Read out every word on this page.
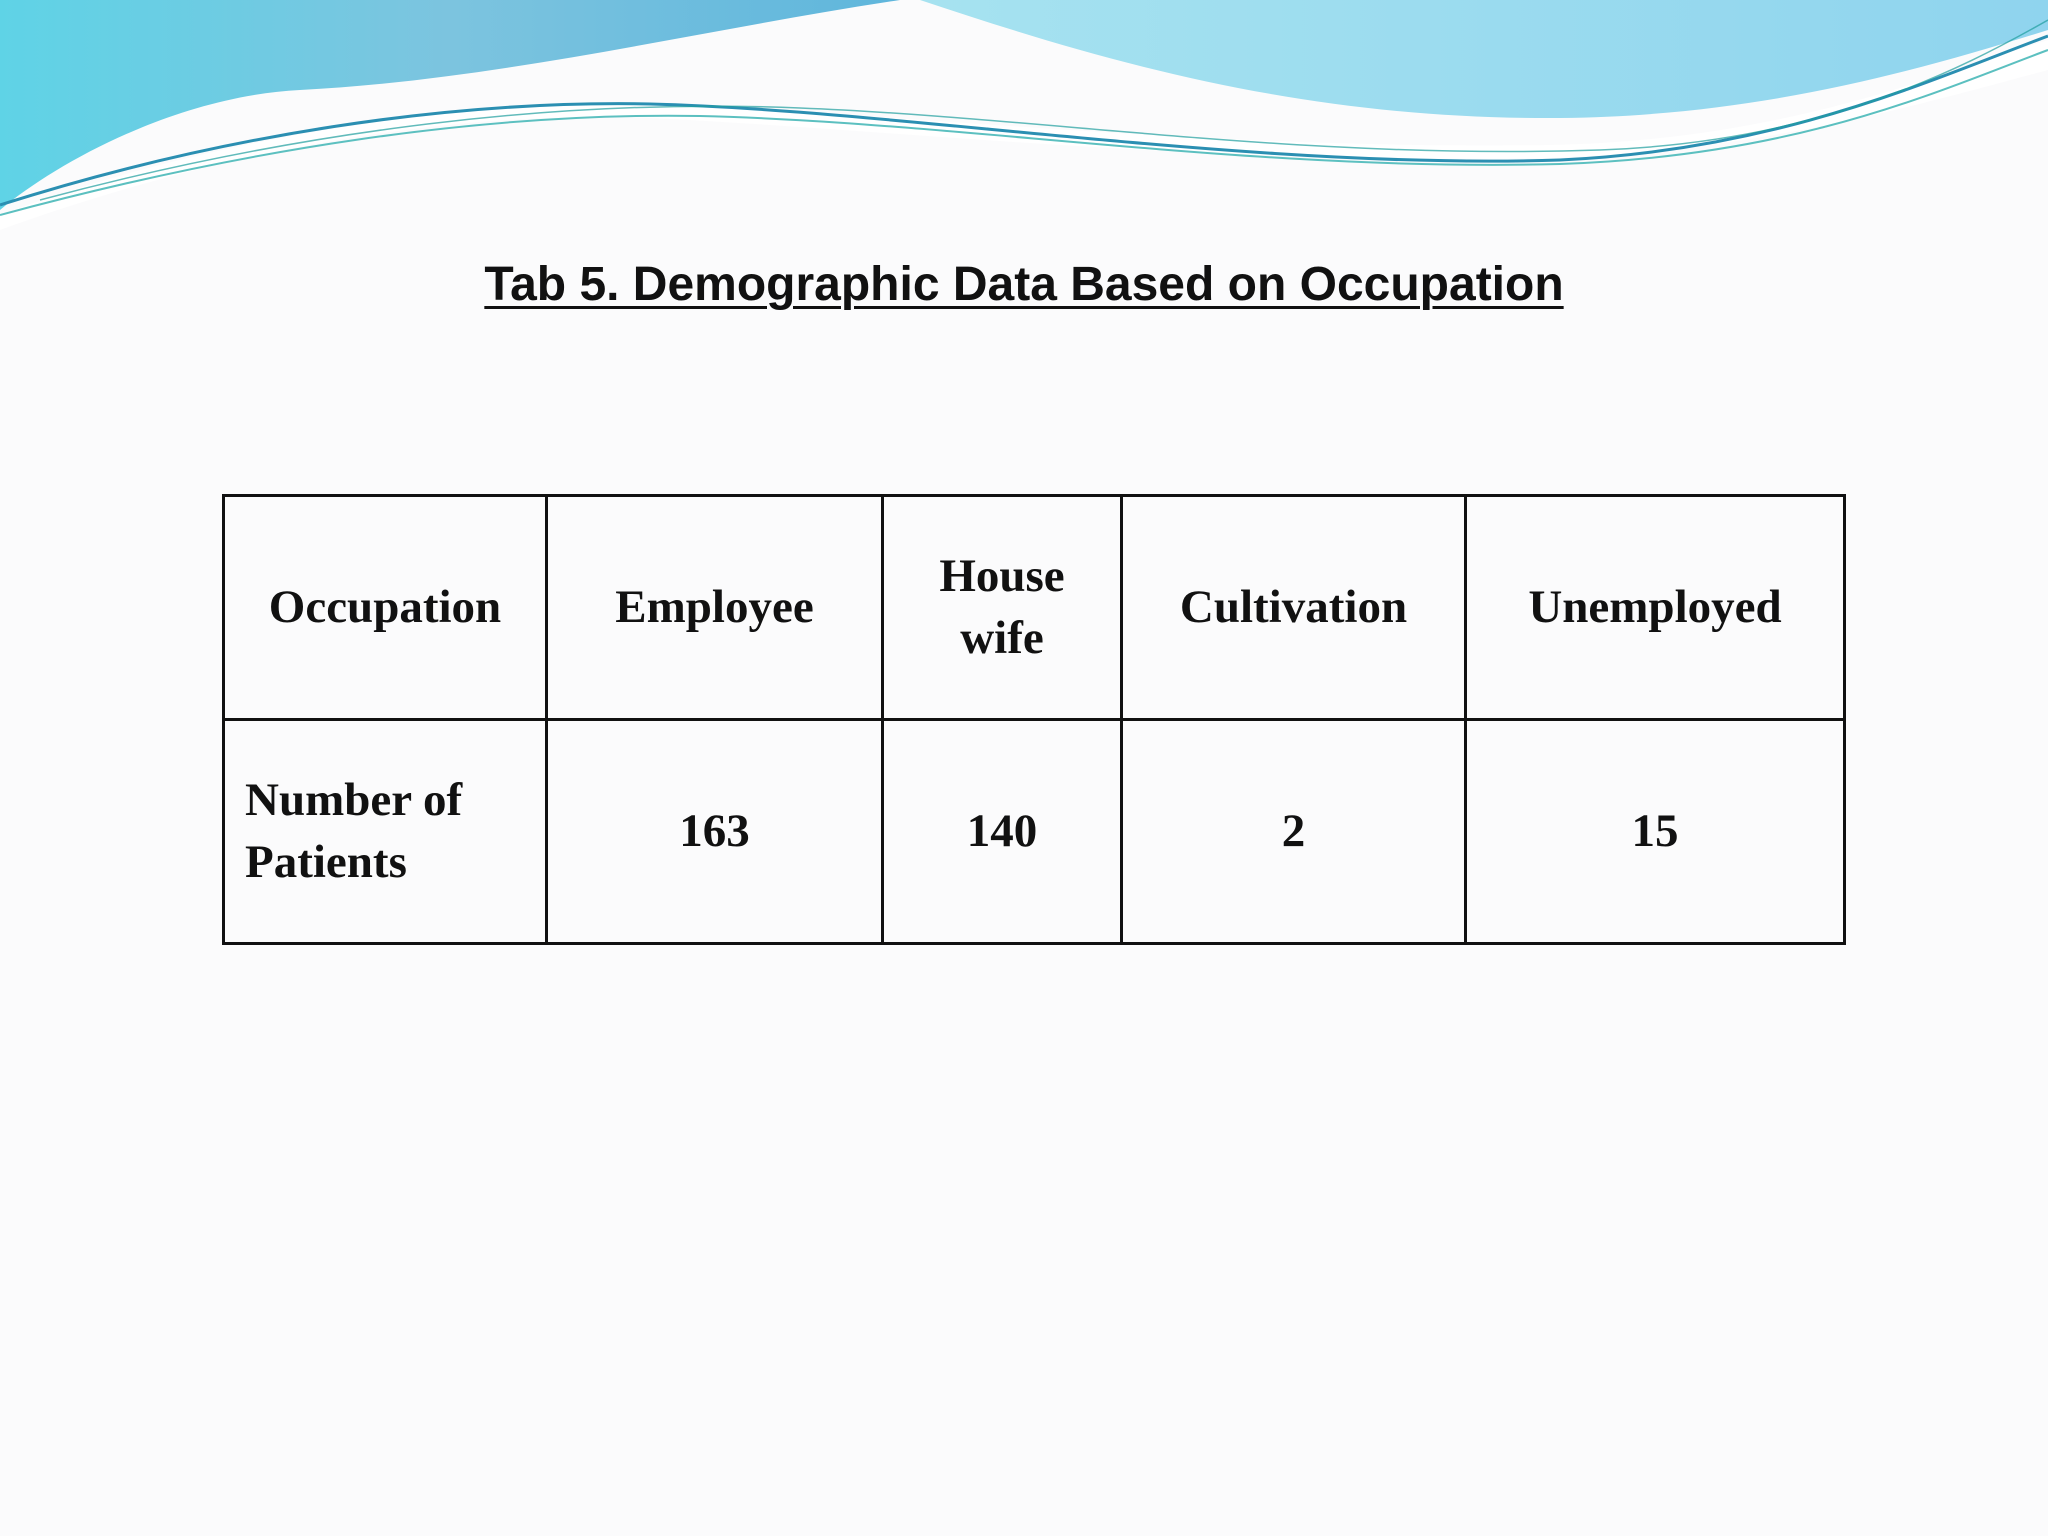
Tab 5. Demographic Data Based on Occupation
Occupation	Employee	House wife	Cultivation	Unemployed
Number of Patients	163	140	2	15
